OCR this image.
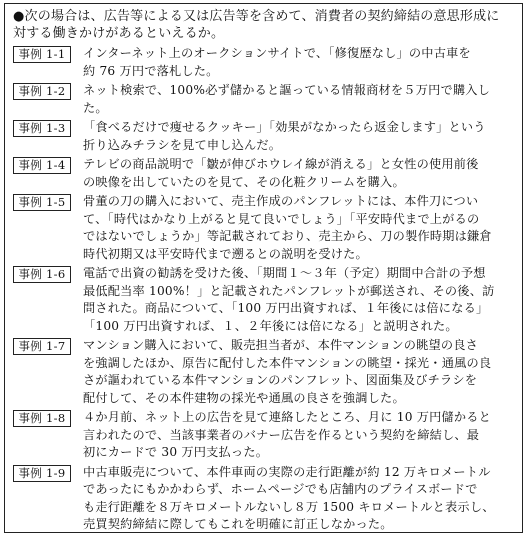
●次の場合は、広告等による又は広告等を含めて、消費者の契約締結の意思形成に
対する働きかけがあるといえるか。
事例 1-1	インターネット上のオークションサイトで、「修復歴なし」の中古車を
約 76 万円で落札した。
事例 1-2	ネット検索で、100%必ず儲かると謳っている情報商材を５万円で購入し
た。
事例 1-3	「食べるだけで痩せるクッキー」「効果がなかったら返金します」という
折り込みチラシを見て申し込んだ。
事例 1-4	テレビの商品説明で「皺が伸びホウレイ線が消える」と女性の使用前後
の映像を出していたのを見て、その化粧クリームを購入。
事例 1-5	骨董の刀の購入において、売主作成のパンフレットには、本件刀につい
て、「時代はかなり上がると見て良いでしょう」「平安時代まで上がるの
ではないでしょうか」等記載されており、売主から、刀の製作時期は鎌倉
時代初期又は平安時代まで遡るとの説明を受けた。
事例 1-6	電話で出資の勧誘を受けた後、「期間１～３年（予定）期間中合計の予想
最低配当率 100%！」と記載されたパンフレットが郵送され、その後、訪
問された。商品について、「100 万円出資すれば、１年後には倍になる」
「100 万円出資すれば、１、２年後には倍になる」と説明された。
事例 1-7	マンション購入において、販売担当者が、本件マンションの眺望の良さ
を強調したほか、原告に配付した本件マンションの眺望・採光・通風の良
さが謳われている本件マンションのパンフレット、図面集及びチラシを
配付して、その本件建物の採光や通風の良さを強調した。
事例 1-8	４か月前、ネット上の広告を見て連絡したところ、月に 10 万円儲かると
言われたので、当該事業者のバナー広告を作るという契約を締結し、最
初にカードで 30 万円支払った。
事例 1-9	中古車販売について、本件車両の実際の走行距離が約 12 万キロメートル
であったにもかかわらず、ホームページでも店舗内のプライスボードで
も走行距離を８万キロメートルないし８万 1500 キロメートルと表示し、
売買契約締結に際してもこれを明確に訂正しなかった。
